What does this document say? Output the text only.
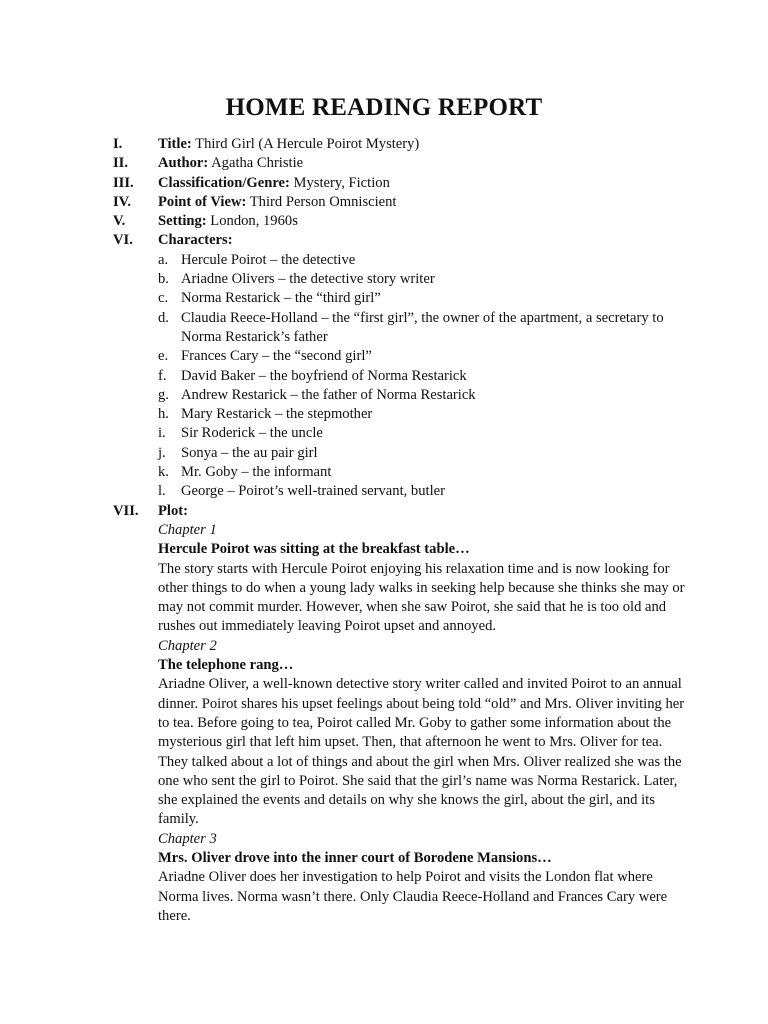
HOME READING REPORT
I. Title: Third Girl (A Hercule Poirot Mystery)
II. Author: Agatha Christie
III. Classification/Genre: Mystery, Fiction
IV. Point of View: Third Person Omniscient
V. Setting: London, 1960s
VI. Characters:
a. Hercule Poirot – the detective
b. Ariadne Olivers – the detective story writer
c. Norma Restarick – the “third girl”
d. Claudia Reece-Holland – the “first girl”, the owner of the apartment, a secretary to Norma Restarick’s father
e. Frances Cary – the “second girl”
f. David Baker – the boyfriend of Norma Restarick
g. Andrew Restarick – the father of Norma Restarick
h. Mary Restarick – the stepmother
i. Sir Roderick – the uncle
j. Sonya – the au pair girl
k. Mr. Goby – the informant
l. George – Poirot’s well-trained servant, butler
VII. Plot:

Chapter 1

Hercule Poirot was sitting at the breakfast table…

The story starts with Hercule Poirot enjoying his relaxation time and is now looking for other things to do when a young lady walks in seeking help because she thinks she may or may not commit murder. However, when she saw Poirot, she said that he is too old and rushes out immediately leaving Poirot upset and annoyed.

Chapter 2

The telephone rang…

Ariadne Oliver, a well-known detective story writer called and invited Poirot to an annual dinner. Poirot shares his upset feelings about being told “old” and Mrs. Oliver inviting her to tea. Before going to tea, Poirot called Mr. Goby to gather some information about the mysterious girl that left him upset. Then, that afternoon he went to Mrs. Oliver for tea. They talked about a lot of things and about the girl when Mrs. Oliver realized she was the one who sent the girl to Poirot. She said that the girl’s name was Norma Restarick. Later, she explained the events and details on why she knows the girl, about the girl, and its family.

Chapter 3

Mrs. Oliver drove into the inner court of Borodene Mansions…

Ariadne Oliver does her investigation to help Poirot and visits the London flat where Norma lives. Norma wasn’t there. Only Claudia Reece-Holland and Frances Cary were there.
